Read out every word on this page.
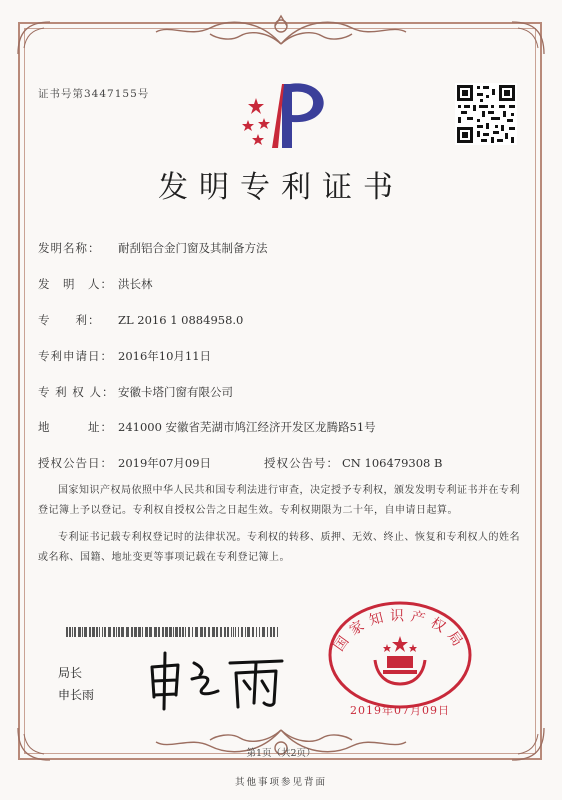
证书号第3447155号
发明专利证书
发明名称： 耐刮铝合金门窗及其制备方法
发　明　人： 洪长林
专　　利： ZL 2016 1 0884958.0
专利申请日： 2016年10月11日
专 利 权 人： 安徽卡塔门窗有限公司
地　　　址： 241000 安徽省芜湖市鸠江经济开发区龙腾路51号
授权公告日： 2019年07月09日	授权公告号： CN 106479308 B
国家知识产权局依照中华人民共和国专利法进行审查，决定授予专利权，颁发发明专利证书并在专利登记簿上予以登记。专利权自授权公告之日起生效。专利权期限为二十年，自申请日起算。
专利证书记载专利权登记时的法律状况。专利权的转移、质押、无效、终止、恢复和专利权人的姓名或名称、国籍、地址变更等事项记载在专利登记簿上。
局长
申长雨
国家知识产权局
2019年07月09日
第1页（共2页）
其他事项参见背面
